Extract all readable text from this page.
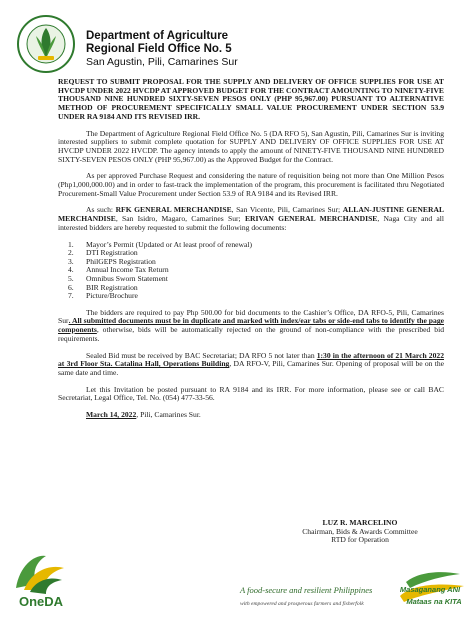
Department of Agriculture
Regional Field Office No. 5
San Agustin, Pili, Camarines Sur

REQUEST TO SUBMIT PROPOSAL FOR THE SUPPLY AND DELIVERY OF OFFICE SUPPLIES FOR USE AT HVCDP UNDER 2022 HVCDP AT APPROVED BUDGET FOR THE CONTRACT AMOUNTING TO NINETY-FIVE THOUSAND NINE HUNDRED SIXTY-SEVEN PESOS ONLY (PHP 95,967.00) PURSUANT TO ALTERNATIVE METHOD OF PROCUREMENT SPECIFICALLY SMALL VALUE PROCUREMENT UNDER SECTION 53.9 UNDER RA 9184 AND ITS REVISED IRR.

The Department of Agriculture Regional Field Office No. 5 (DA RFO 5), San Agustin, Pili, Camarines Sur is inviting interested suppliers to submit complete quotation for SUPPLY AND DELIVERY OF OFFICE SUPPLIES FOR USE AT HVCDP UNDER 2022 HVCDP. The agency intends to apply the amount of NINETY-FIVE THOUSAND NINE HUNDRED SIXTY-SEVEN PESOS ONLY (PHP 95,967.00) as the Approved Budget for the Contract.

As per approved Purchase Request and considering the nature of requisition being not more than One Million Pesos (Php1,000,000.00) and in order to fast-track the implementation of the program, this procurement is facilitated thru Negotiated Procurement-Small Value Procurement under Section 53.9 of RA 9184 and its Revised IRR.

As such: RFK GENERAL MERCHANDISE, San Vicente, Pili, Camarines Sur; ALLAN-JUSTINE GENERAL MERCHANDISE, San Isidro, Magaro, Camarines Sur; ERIVAN GENERAL MERCHANDISE, Naga City and all interested bidders are hereby requested to submit the following documents:

1.	Mayor’s Permit (Updated or At least proof of renewal)
2.	DTI Registration
3.	PhilGEPS Registration
4.	Annual Income Tax Return
5.	Omnibus Sworn Statement
6.	BIR Registration
7.	Picture/Brochure

The bidders are required to pay Php 500.00 for bid documents to the Cashier’s Office, DA RFO-5, Pili, Camarines Sur. All submitted documents must be in duplicate and marked with index/ear tabs or side-end tabs to identify the page components, otherwise, bids will be automatically rejected on the ground of non-compliance with the prescribed bid requirements.

Sealed Bid must be received by BAC Secretariat; DA RFO 5 not later than 1:30 in the afternoon of 21 March 2022 at 3rd Floor Sta. Catalina Hall, Operations Building, DA RFO-V, Pili, Camarines Sur. Opening of proposal will be on the same date and time.

Let this Invitation be posted pursuant to RA 9184 and its IRR. For more information, please see or call BAC Secretariat, Legal Office, Tel. No. (054) 477-33-56.

March 14, 2022, Pili, Camarines Sur.

LUZ R. MARCELINO
Chairman, Bids & Awards Committee
RTD for Operation
OneDA
A food-secure and resilient Philippines
with empowered and prosperous farmers and fisherfolk
Masaganang ANI
Mataas na KITA
